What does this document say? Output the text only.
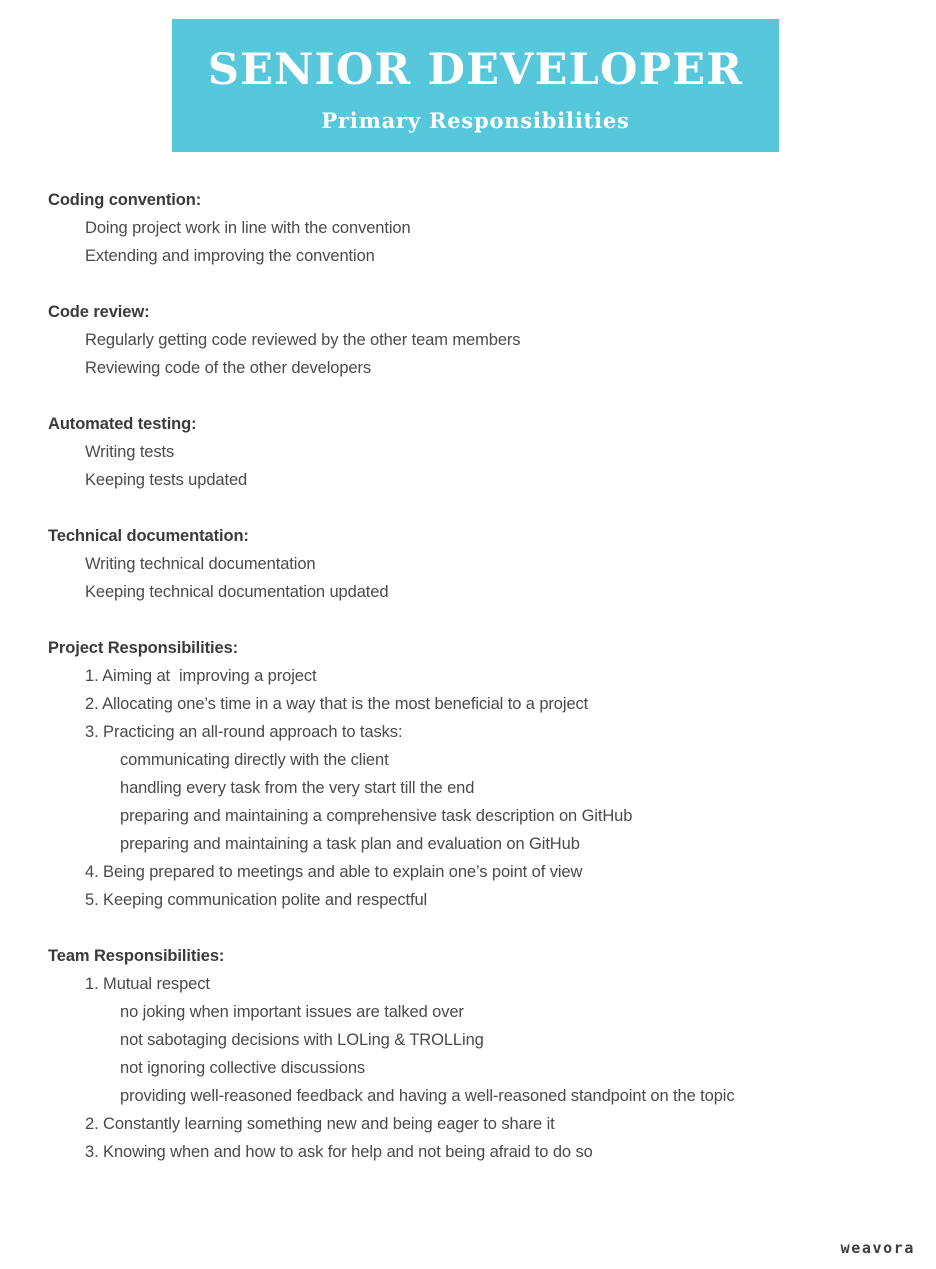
SENIOR DEVELOPER
Primary Responsibilities
Coding convention:
Doing project work in line with the convention
Extending and improving the convention
Code review:
Regularly getting code reviewed by the other team members
Reviewing code of the other developers
Automated testing:
Writing tests
Keeping tests updated
Technical documentation:
Writing technical documentation
Keeping technical documentation updated
Project Responsibilities:
1. Aiming at  improving a project
2. Allocating one’s time in a way that is the most beneficial to a project
3. Practicing an all-round approach to tasks:
communicating directly with the client
handling every task from the very start till the end
preparing and maintaining a comprehensive task description on GitHub
preparing and maintaining a task plan and evaluation on GitHub
4. Being prepared to meetings and able to explain one’s point of view
5. Keeping communication polite and respectful
Team Responsibilities:
1. Mutual respect
no joking when important issues are talked over
not sabotaging decisions with LOLing & TROLLing
not ignoring collective discussions
providing well-reasoned feedback and having a well-reasoned standpoint on the topic
2. Constantly learning something new and being eager to share it
3. Knowing when and how to ask for help and not being afraid to do so
weavora
